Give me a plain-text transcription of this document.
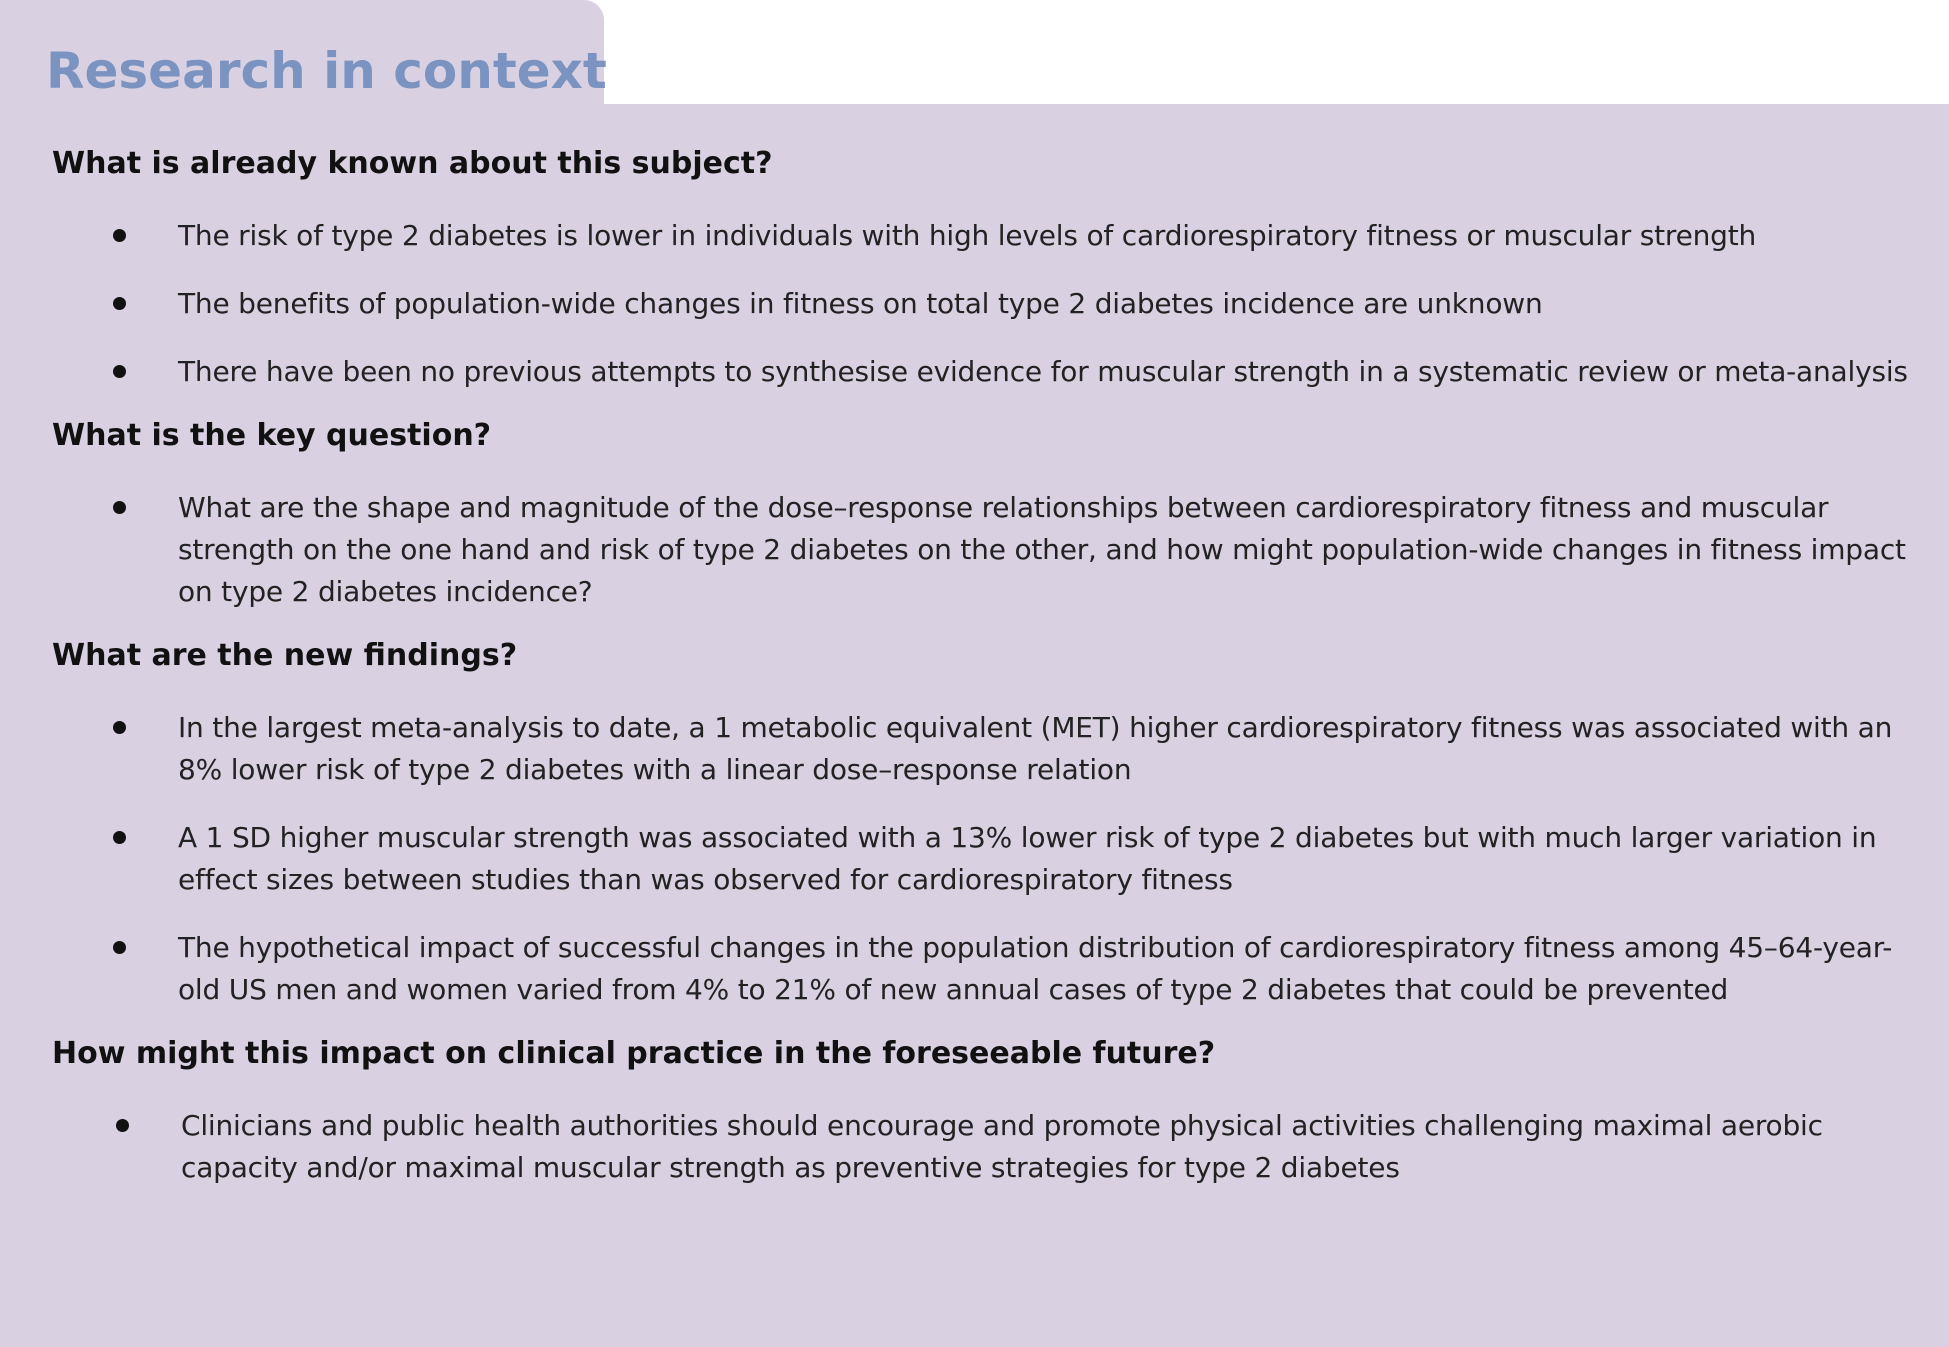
Research in context
What is already known about this subject?
The risk of type 2 diabetes is lower in individuals with high levels of cardiorespiratory fitness or muscular strength
The benefits of population-wide changes in fitness on total type 2 diabetes incidence are unknown
There have been no previous attempts to synthesise evidence for muscular strength in a systematic review or meta-analysis
What is the key question?
What are the shape and magnitude of the dose–response relationships between cardiorespiratory fitness and muscular strength on the one hand and risk of type 2 diabetes on the other, and how might population-wide changes in fitness impact on type 2 diabetes incidence?
What are the new findings?
In the largest meta-analysis to date, a 1 metabolic equivalent (MET) higher cardiorespiratory fitness was associated with an 8% lower risk of type 2 diabetes with a linear dose–response relation
A 1 SD higher muscular strength was associated with a 13% lower risk of type 2 diabetes but with much larger variation in effect sizes between studies than was observed for cardiorespiratory fitness
The hypothetical impact of successful changes in the population distribution of cardiorespiratory fitness among 45–64-year-old US men and women varied from 4% to 21% of new annual cases of type 2 diabetes that could be prevented
How might this impact on clinical practice in the foreseeable future?
Clinicians and public health authorities should encourage and promote physical activities challenging maximal aerobic capacity and/or maximal muscular strength as preventive strategies for type 2 diabetes
